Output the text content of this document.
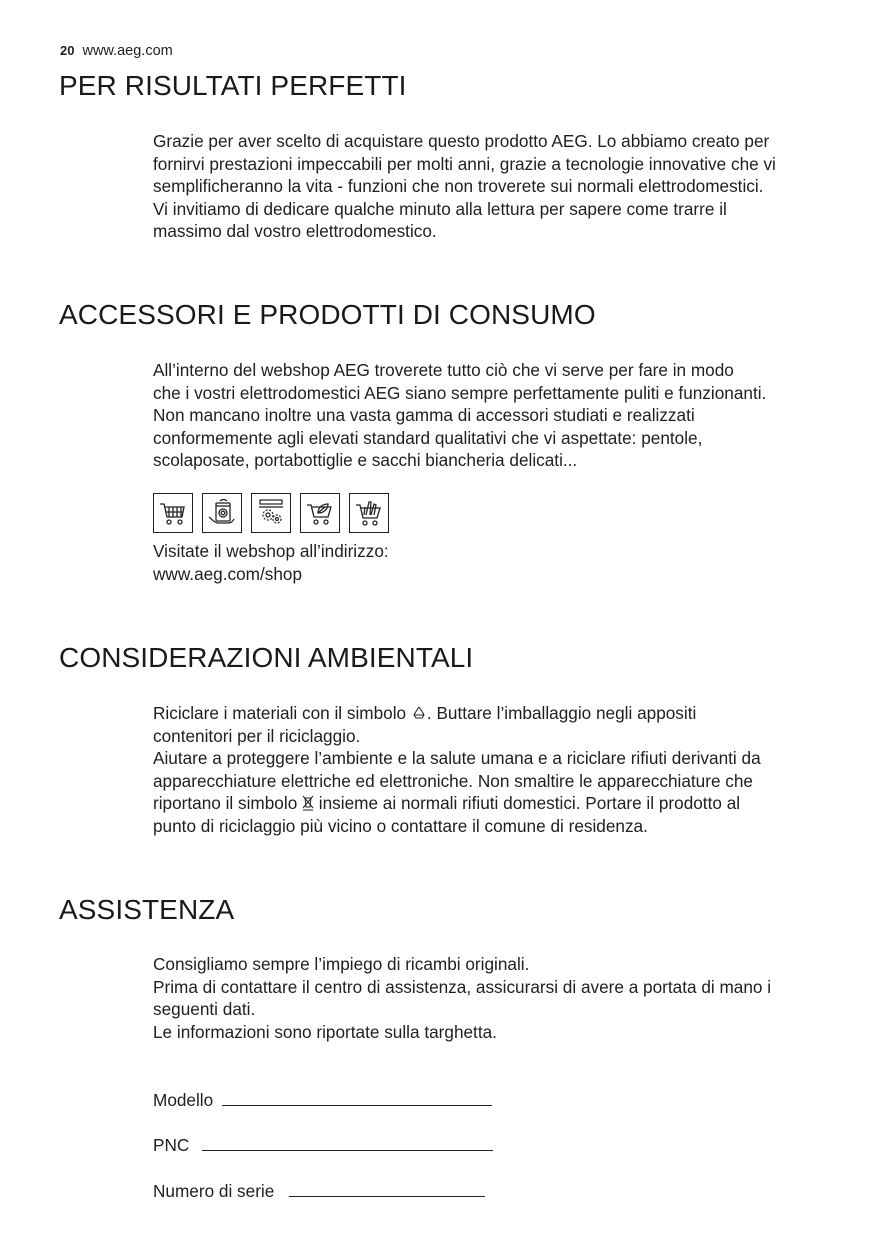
20 www.aeg.com
PER RISULTATI PERFETTI

Grazie per aver scelto di acquistare questo prodotto AEG. Lo abbiamo creato per
fornirvi prestazioni impeccabili per molti anni, grazie a tecnologie innovative che vi
semplificheranno la vita - funzioni che non troverete sui normali elettrodomestici.
Vi invitiamo di dedicare qualche minuto alla lettura per sapere come trarre il
massimo dal vostro elettrodomestico.

ACCESSORI E PRODOTTI DI CONSUMO

All’interno del webshop AEG troverete tutto ciò che vi serve per fare in modo
che i vostri elettrodomestici AEG siano sempre perfettamente puliti e funzionanti.
Non mancano inoltre una vasta gamma di accessori studiati e realizzati
conformemente agli elevati standard qualitativi che vi aspettate: pentole,
scolaposate, portabottiglie e sacchi biancheria delicati...

Visitate il webshop all’indirizzo:
www.aeg.com/shop

CONSIDERAZIONI AMBIENTALI

Riciclare i materiali con il simbolo . Buttare l’imballaggio negli appositi
contenitori per il riciclaggio.
Aiutare a proteggere l’ambiente e la salute umana e a riciclare rifiuti derivanti da
apparecchiature elettriche ed elettroniche. Non smaltire le apparecchiature che
riportano il simbolo  insieme ai normali rifiuti domestici. Portare il prodotto al
punto di riciclaggio più vicino o contattare il comune di residenza.

ASSISTENZA

Consigliamo sempre l’impiego di ricambi originali.
Prima di contattare il centro di assistenza, assicurarsi di avere a portata di mano i
seguenti dati.
Le informazioni sono riportate sulla targhetta.

Modello
PNC
Numero di serie
